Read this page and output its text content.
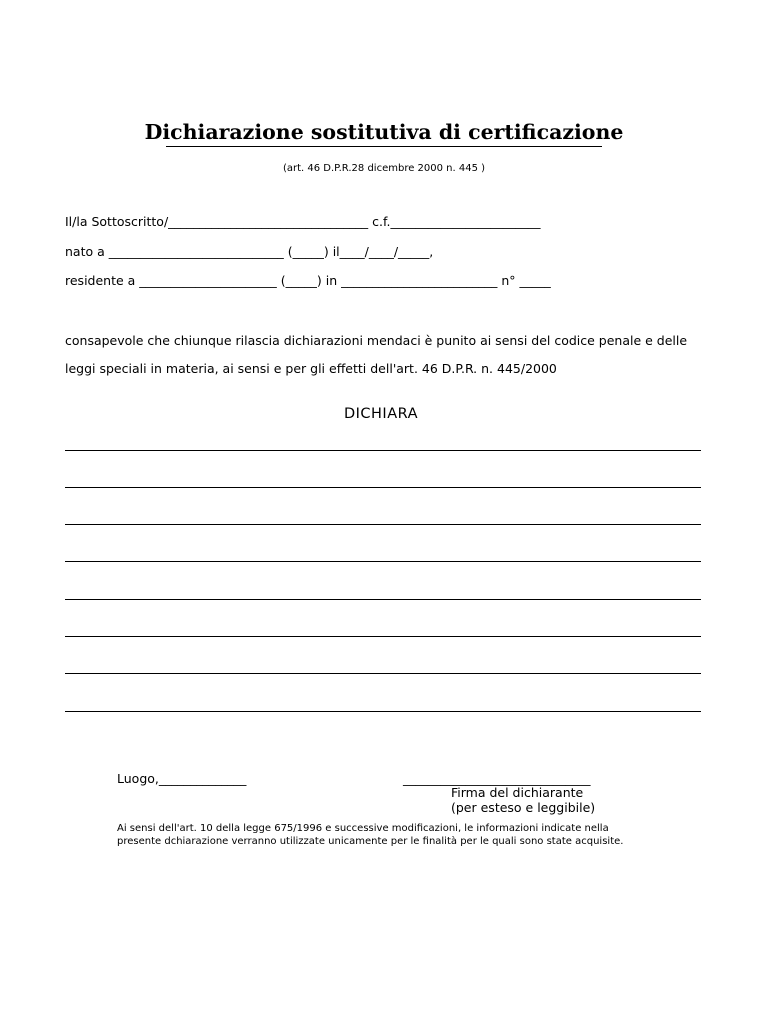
Dichiarazione sostitutiva di certificazione
(art. 46 D.P.R.28 dicembre 2000 n. 445 )
Il/la Sottoscritto/________________________________ c.f.________________________
nato a ____________________________ (_____) il____/____/_____,
residente a ______________________ (_____) in _________________________ n° _____
consapevole che chiunque rilascia dichiarazioni mendaci è punito ai sensi del codice penale e delle
leggi speciali in materia, ai sensi e per gli effetti dell'art. 46 D.P.R. n. 445/2000
DICHIARA
Luogo,______________	______________________________
Firma del dichiarante
(per esteso e leggibile)
Ai sensi dell'art. 10 della legge 675/1996 e successive modificazioni, le informazioni indicate nella
presente dchiarazione verranno utilizzate unicamente per le finalità per le quali sono state acquisite.
